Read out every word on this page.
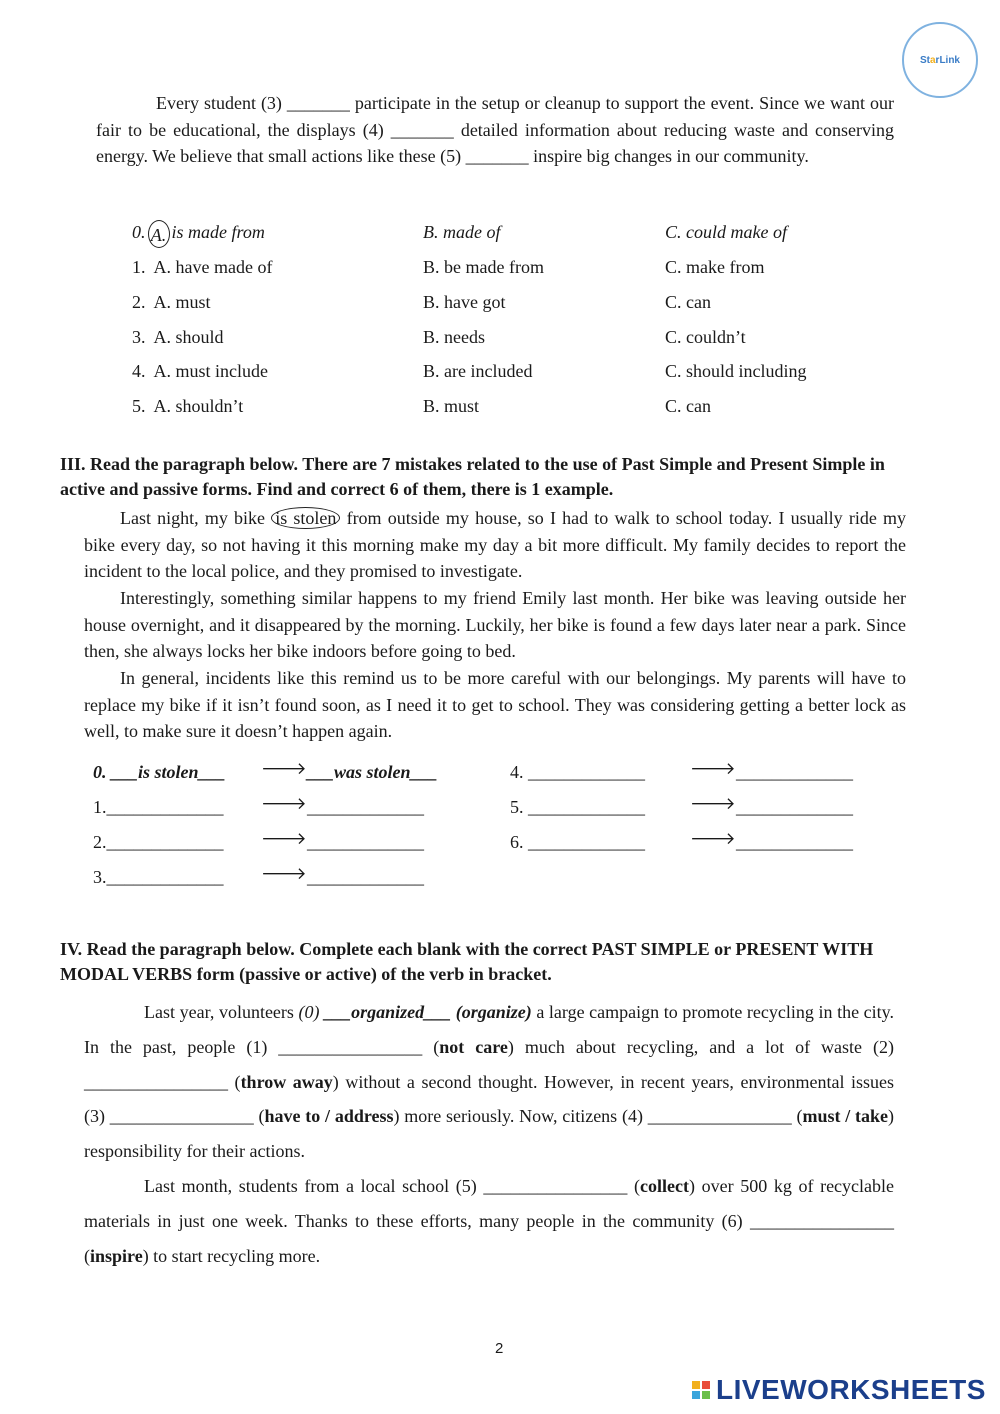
StarLink
Every student (3) _______ participate in the setup or cleanup to support the event. Since we want our fair to be educational, the displays (4) _______ detailed information about reducing waste and conserving energy. We believe that small actions like these (5) _______ inspire big changes in our community.
0. A. is made from	B. made of	C. could make of
1. A. have made of	B. be made from	C. make from
2. A. must	B. have got	C. can
3. A. should	B. needs	C. couldn’t
4. A. must include	B. are included	C. should including
5. A. shouldn’t	B. must	C. can
III. Read the paragraph below. There are 7 mistakes related to the use of Past Simple and Present Simple in active and passive forms. Find and correct 6 of them, there is 1 example.
Last night, my bike is stolen from outside my house, so I had to walk to school today. I usually ride my bike every day, so not having it this morning make my day a bit more difficult. My family decides to report the incident to the local police, and they promised to investigate.
Interestingly, something similar happens to my friend Emily last month. Her bike was leaving outside her house overnight, and it disappeared by the morning. Luckily, her bike is found a few days later near a park. Since then, she always locks her bike indoors before going to bed.
In general, incidents like this remind us to be more careful with our belongings. My parents will have to replace my bike if it isn’t found soon, as I need it to get to school. They was considering getting a better lock as well, to make sure it doesn’t happen again.
0. ___is stolen___ 🡒 ___was stolen___
1._____________ 🡒 _____________
2._____________ 🡒 _____________
3._____________ 🡒 _____________
4. _____________	🡒 _____________
5. _____________	🡒 _____________
6. _____________	🡒 _____________
IV. Read the paragraph below. Complete each blank with the correct PAST SIMPLE or PRESENT WITH MODAL VERBS form (passive or active) of the verb in bracket.
Last year, volunteers (0) ___organized___ (organize) a large campaign to promote recycling in the city. In the past, people (1) ________________ (not care) much about recycling, and a lot of waste (2) ________________ (throw away) without a second thought. However, in recent years, environmental issues (3) ________________ (have to / address) more seriously. Now, citizens (4) ________________ (must / take) responsibility for their actions.
Last month, students from a local school (5) ________________ (collect) over 500 kg of recyclable materials in just one week. Thanks to these efforts, many people in the community (6) ________________ (inspire) to start recycling more.
2
LIVEWORKSHEETS
